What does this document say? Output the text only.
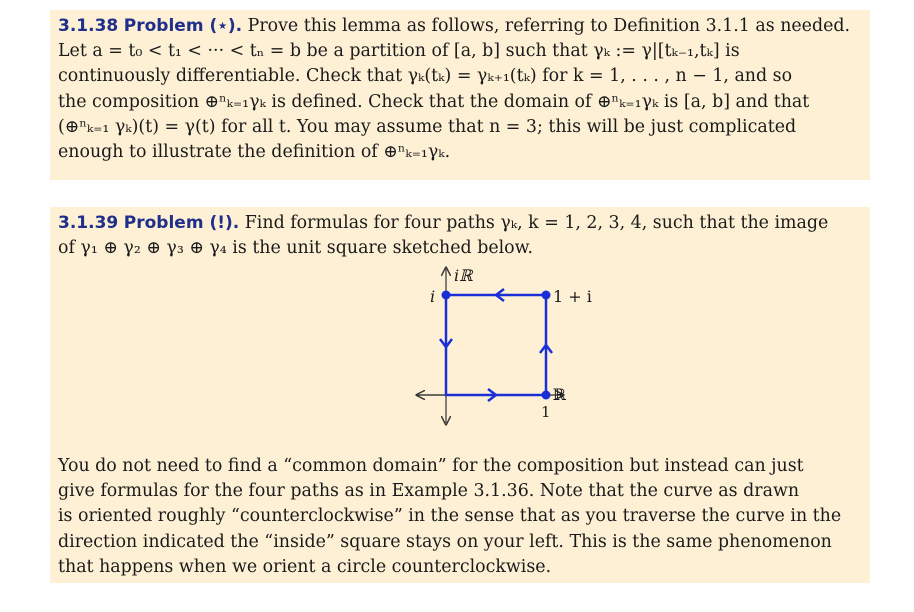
3.1.38 Problem (⋆). Prove this lemma as follows, referring to Definition 3.1.1 as needed.
Let a = t₀ < t₁ < ··· < tₙ = b be a partition of [a, b] such that γₖ := γ|[tₖ₋₁,tₖ] is
continuously differentiable. Check that γₖ(tₖ) = γₖ₊₁(tₖ) for k = 1, . . . , n − 1, and so
the composition ⊕ⁿₖ₌₁γₖ is defined. Check that the domain of ⊕ⁿₖ₌₁γₖ is [a, b] and that
(⊕ⁿₖ₌₁ γₖ)(t) = γ(t) for all t. You may assume that n = 3; this will be just complicated
enough to illustrate the definition of ⊕ⁿₖ₌₁γₖ.

3.1.39 Problem (!). Find formulas for four paths γₖ, k = 1, 2, 3, 4, such that the image
of γ₁ ⊕ γ₂ ⊕ γ₃ ⊕ γ₄ is the unit square sketched below.

iℝ
ℝ
i	1 + i
1

You do not need to find a “common domain” for the composition but instead can just
give formulas for the four paths as in Example 3.1.36. Note that the curve as drawn
is oriented roughly “counterclockwise” in the sense that as you traverse the curve in the
direction indicated the “inside” square stays on your left. This is the same phenomenon
that happens when we orient a circle counterclockwise.
